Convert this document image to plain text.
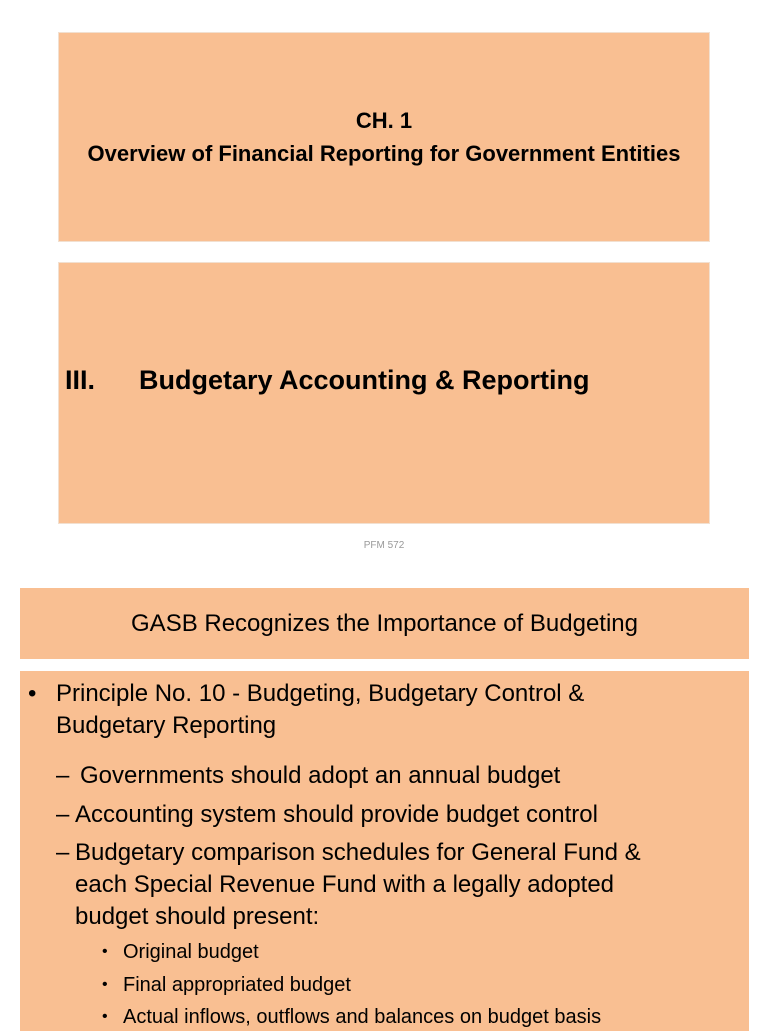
CH. 1
Overview of Financial Reporting for Government Entities
III. Budgetary Accounting & Reporting
PFM 572
GASB Recognizes the Importance of Budgeting
• Principle No. 10 - Budgeting, Budgetary Control &
Budgetary Reporting
– Governments should adopt an annual budget
– Accounting system should provide budget control
– Budgetary comparison schedules for General Fund &
each Special Revenue Fund with a legally adopted
budget should present:
• Original budget
• Final appropriated budget
• Actual inflows, outflows and balances on budget basis
